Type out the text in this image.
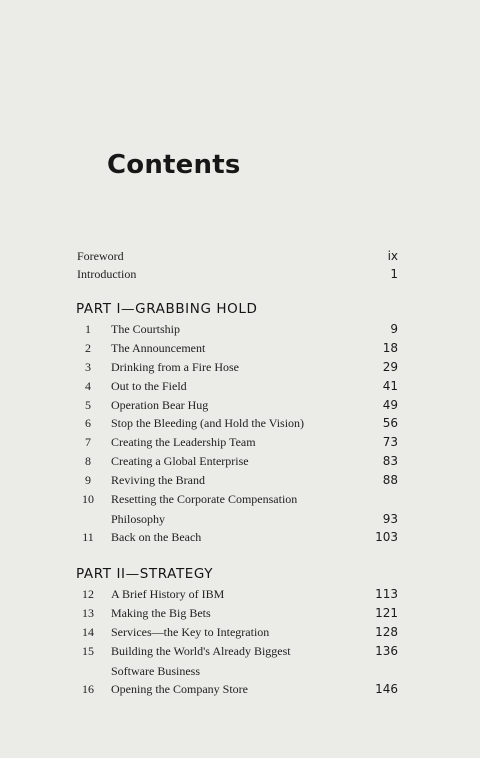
Contents
Foreword	ix
Introduction	1
PART I—GRABBING HOLD
1	The Courtship	9
2	The Announcement	18
3	Drinking from a Fire Hose	29
4	Out to the Field	41
5	Operation Bear Hug	49
6	Stop the Bleeding (and Hold the Vision)	56
7	Creating the Leadership Team	73
8	Creating a Global Enterprise	83
9	Reviving the Brand	88
10	Resetting the Corporate Compensation
Philosophy	93
11	Back on the Beach	103
PART II—STRATEGY
12	A Brief History of IBM	113
13	Making the Big Bets	121
14	Services—the Key to Integration	128
15	Building the World's Already Biggest	136
Software Business
16	Opening the Company Store	146
